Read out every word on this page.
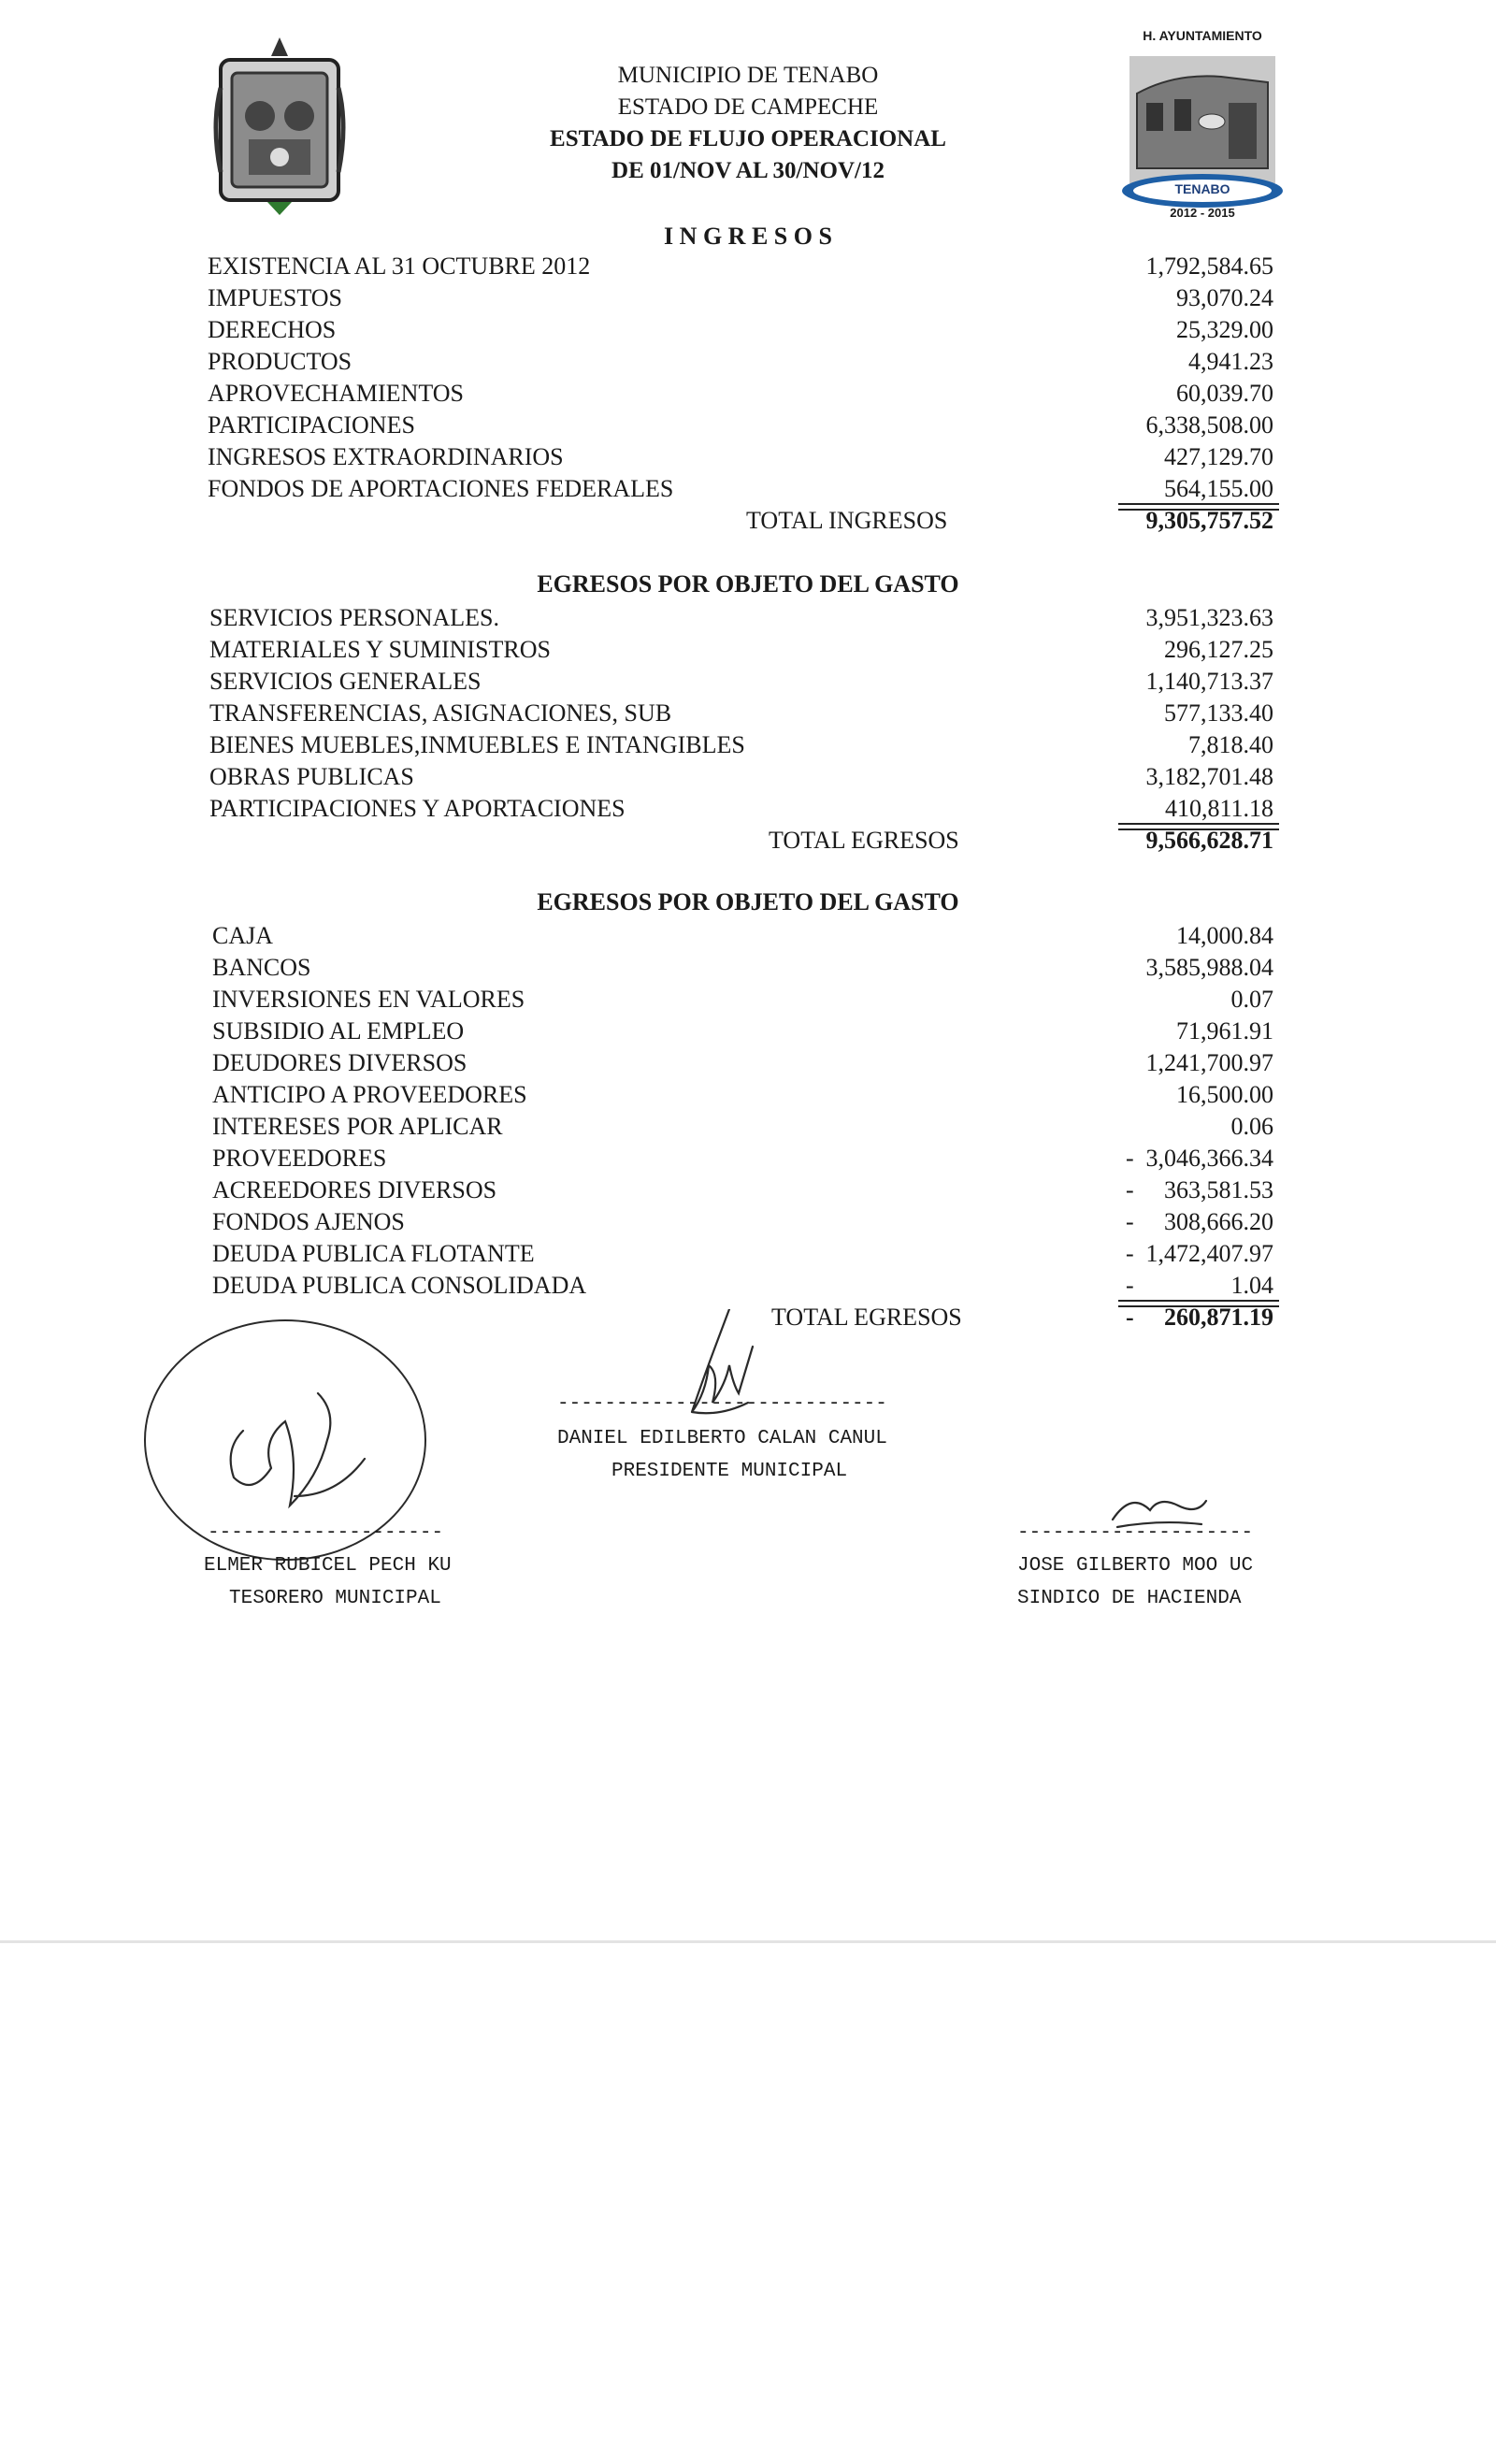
MUNICIPIO DE TENABO
ESTADO DE CAMPECHE
ESTADO DE FLUJO OPERACIONAL
DE 01/NOV AL 30/NOV/12
H. AYUNTAMIENTO
TENABO
2012 - 2015
I N G R E S O S
EXISTENCIA AL 31 OCTUBRE 2012	1,792,584.65
IMPUESTOS	93,070.24
DERECHOS	25,329.00
PRODUCTOS	4,941.23
APROVECHAMIENTOS	60,039.70
PARTICIPACIONES	6,338,508.00
INGRESOS EXTRAORDINARIOS	427,129.70
FONDOS DE APORTACIONES FEDERALES	564,155.00
TOTAL INGRESOS	9,305,757.52
EGRESOS POR OBJETO DEL GASTO
SERVICIOS PERSONALES.	3,951,323.63
MATERIALES Y SUMINISTROS	296,127.25
SERVICIOS GENERALES	1,140,713.37
TRANSFERENCIAS, ASIGNACIONES, SUB	577,133.40
BIENES MUEBLES,INMUEBLES E INTANGIBLES	7,818.40
OBRAS PUBLICAS	3,182,701.48
PARTICIPACIONES Y APORTACIONES	410,811.18
TOTAL EGRESOS	9,566,628.71
EGRESOS POR OBJETO DEL GASTO
CAJA	14,000.84
BANCOS	3,585,988.04
INVERSIONES EN VALORES	0.07
SUBSIDIO AL EMPLEO	71,961.91
DEUDORES DIVERSOS	1,241,700.97
ANTICIPO A PROVEEDORES	16,500.00
INTERESES POR APLICAR	0.06
PROVEEDORES	- 3,046,366.34
ACREEDORES DIVERSOS	- 363,581.53
FONDOS AJENOS	- 308,666.20
DEUDA PUBLICA FLOTANTE	- 1,472,407.97
DEUDA PUBLICA CONSOLIDADA	-	1.04
TOTAL EGRESOS	- 260,871.19
----------------------------
DANIEL EDILBERTO CALAN CANUL
PRESIDENTE MUNICIPAL
--------------------
ELMER RUBICEL PECH KU
TESORERO MUNICIPAL
--------------------
JOSE GILBERTO MOO UC
SINDICO DE HACIENDA
